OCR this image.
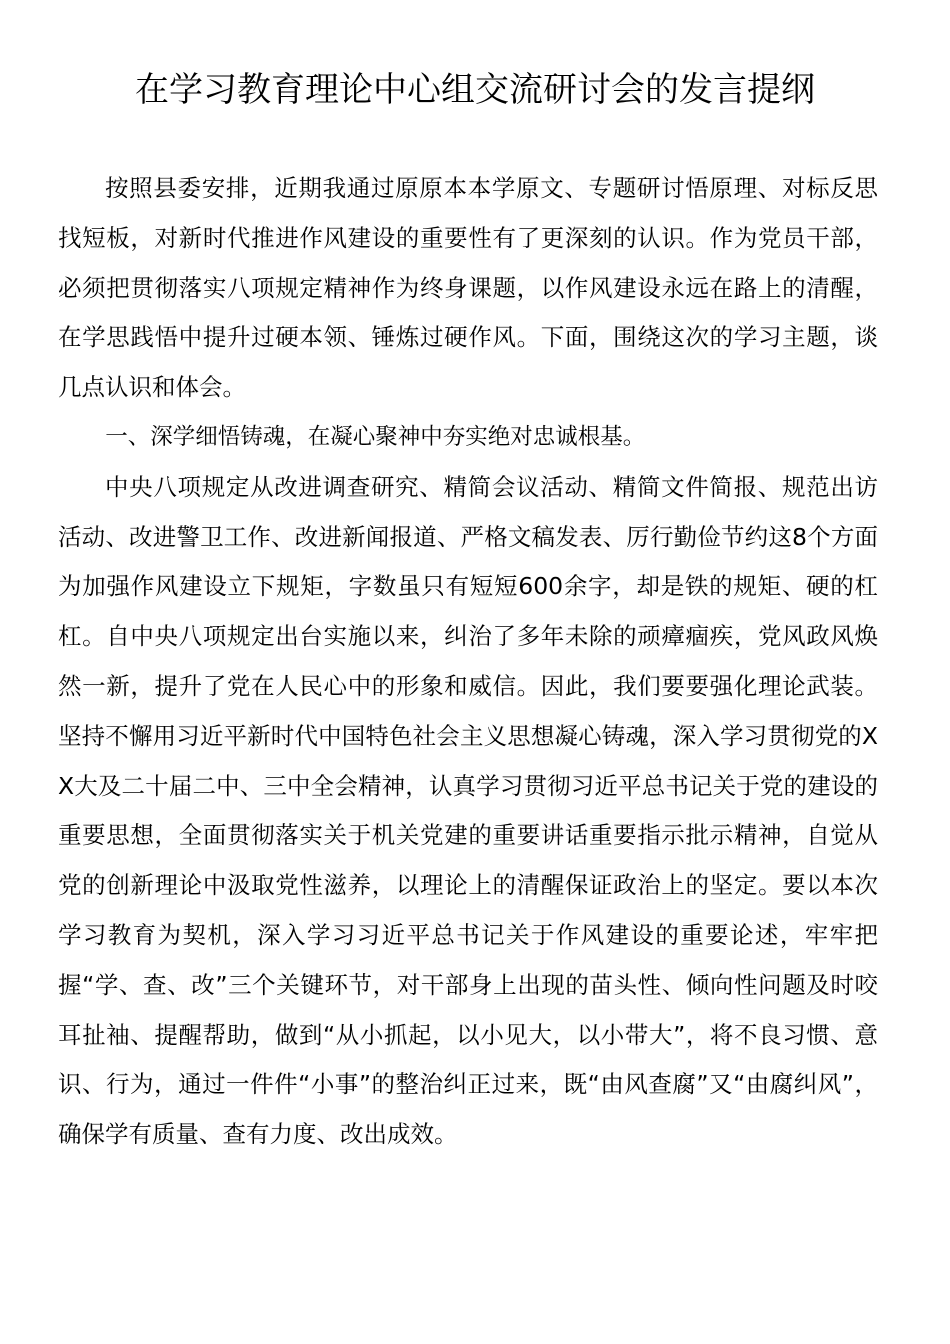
在学习教育理论中心组交流研讨会的发言提纲

按照县委安排，近期我通过原原本本学原文、专题研讨悟原理、对标反思找短板，对新时代推进作风建设的重要性有了更深刻的认识。作为党员干部，必须把贯彻落实八项规定精神作为终身课题，以作风建设永远在路上的清醒，在学思践悟中提升过硬本领、锤炼过硬作风。下面，围绕这次的学习主题，谈几点认识和体会。

一、深学细悟铸魂，在凝心聚神中夯实绝对忠诚根基。

中央八项规定从改进调查研究、精简会议活动、精简文件简报、规范出访活动、改进警卫工作、改进新闻报道、严格文稿发表、厉行勤俭节约这8个方面为加强作风建设立下规矩，字数虽只有短短600余字，却是铁的规矩、硬的杠杠。自中央八项规定出台实施以来，纠治了多年未除的顽瘴痼疾，党风政风焕然一新，提升了党在人民心中的形象和威信。因此，我们要要强化理论武装。坚持不懈用习近平新时代中国特色社会主义思想凝心铸魂，深入学习贯彻党的XX大及二十届二中、三中全会精神，认真学习贯彻习近平总书记关于党的建设的重要思想，全面贯彻落实关于机关党建的重要讲话重要指示批示精神，自觉从党的创新理论中汲取党性滋养，以理论上的清醒保证政治上的坚定。要以本次学习教育为契机，深入学习习近平总书记关于作风建设的重要论述，牢牢把握“学、查、改”三个关键环节，对干部身上出现的苗头性、倾向性问题及时咬耳扯袖、提醒帮助，做到“从小抓起，以小见大，以小带大”，将不良习惯、意识、行为，通过一件件“小事”的整治纠正过来，既“由风查腐”又“由腐纠风”，确保学有质量、查有力度、改出成效。
